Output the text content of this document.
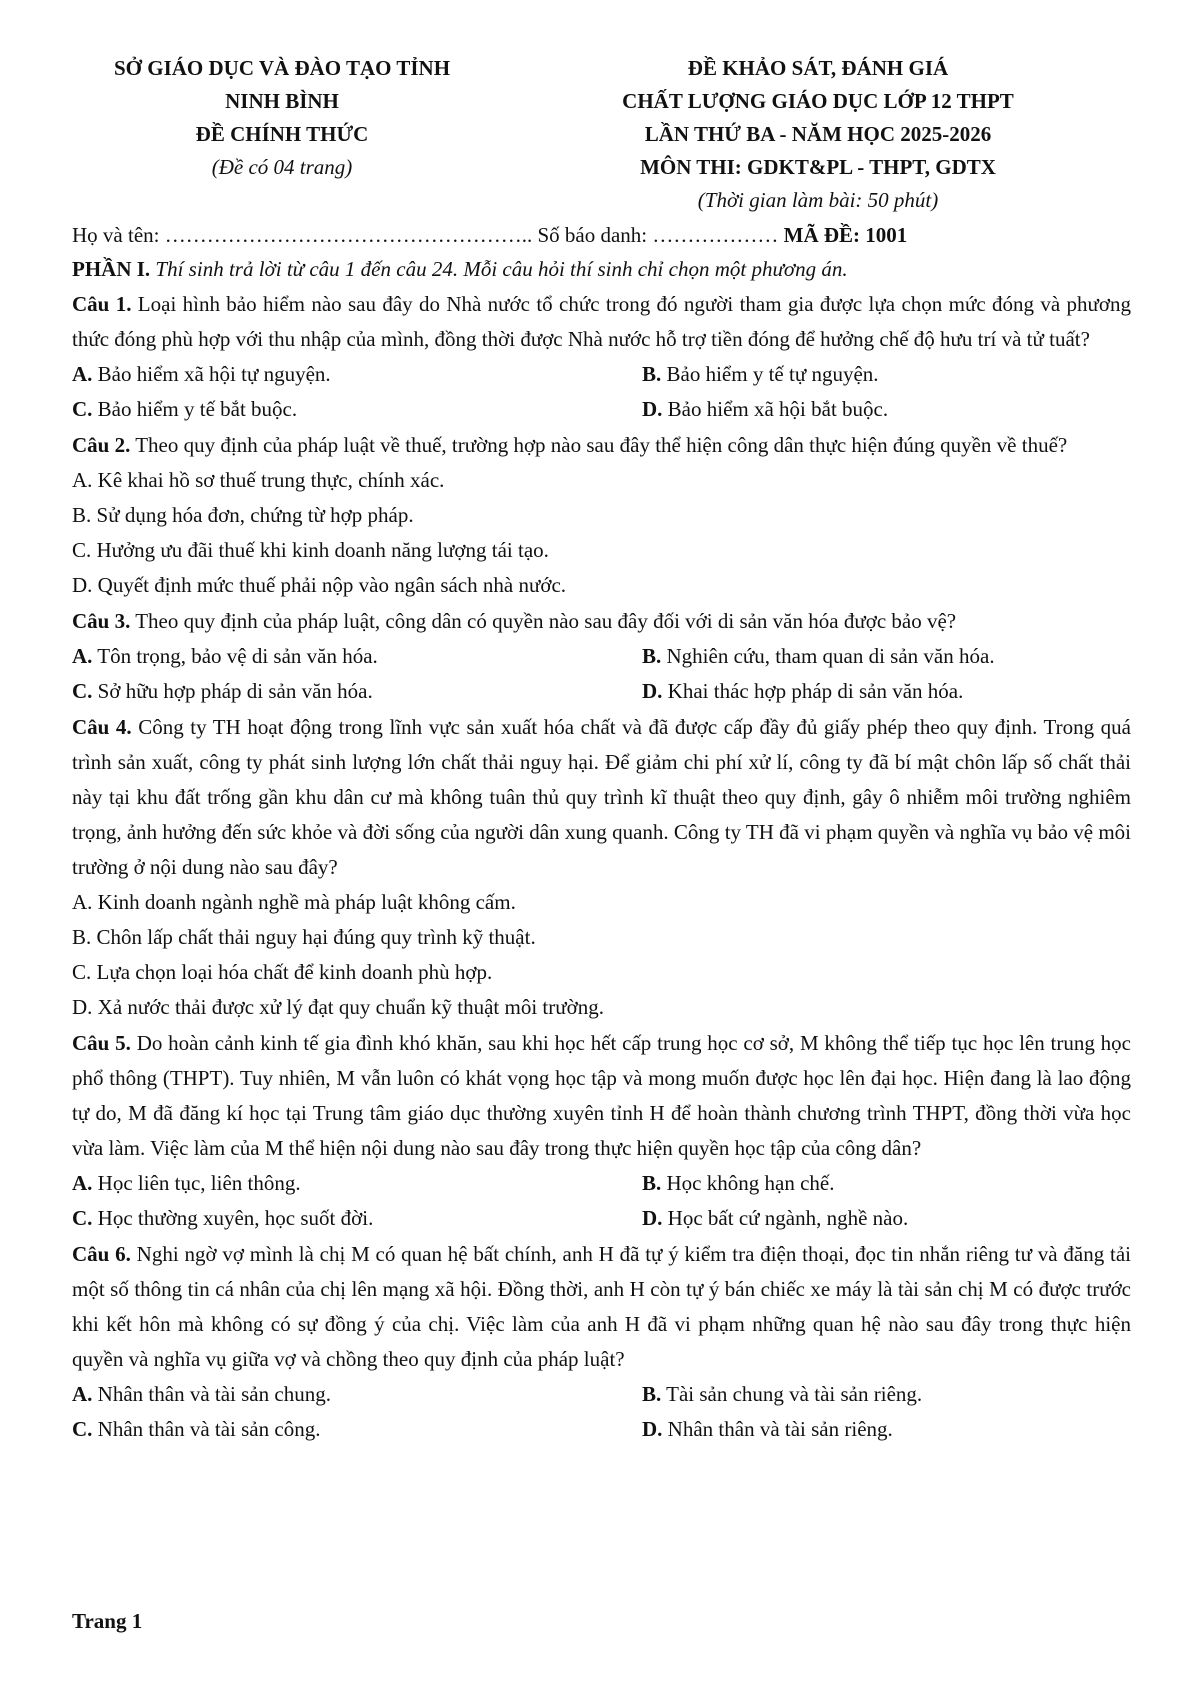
SỞ GIÁO DỤC VÀ ĐÀO TẠO TỈNH
NINH BÌNH
ĐỀ CHÍNH THỨC
(Đề có 04 trang)
ĐỀ KHẢO SÁT, ĐÁNH GIÁ
CHẤT LƯỢNG GIÁO DỤC LỚP 12 THPT
LẦN THỨ BA - NĂM HỌC 2025-2026
MÔN THI: GDKT&PL - THPT, GDTX
(Thời gian làm bài: 50 phút)
Họ và tên: …………………………………………….. Số báo danh: ……………… MÃ ĐỀ: 1001
PHẦN I. Thí sinh trả lời từ câu 1 đến câu 24. Mỗi câu hỏi thí sinh chỉ chọn một phương án.
Câu 1. Loại hình bảo hiểm nào sau đây do Nhà nước tổ chức trong đó người tham gia được lựa chọn mức đóng và phương thức đóng phù hợp với thu nhập của mình, đồng thời được Nhà nước hỗ trợ tiền đóng để hưởng chế độ hưu trí và tử tuất?
A. Bảo hiểm xã hội tự nguyện.	B. Bảo hiểm y tế tự nguyện.
C. Bảo hiểm y tế bắt buộc.	D. Bảo hiểm xã hội bắt buộc.
Câu 2. Theo quy định của pháp luật về thuế, trường hợp nào sau đây thể hiện công dân thực hiện đúng quyền về thuế?
A. Kê khai hồ sơ thuế trung thực, chính xác.
B. Sử dụng hóa đơn, chứng từ hợp pháp.
C. Hưởng ưu đãi thuế khi kinh doanh năng lượng tái tạo.
D. Quyết định mức thuế phải nộp vào ngân sách nhà nước.
Câu 3. Theo quy định của pháp luật, công dân có quyền nào sau đây đối với di sản văn hóa được bảo vệ?
A. Tôn trọng, bảo vệ di sản văn hóa.	B. Nghiên cứu, tham quan di sản văn hóa.
C. Sở hữu hợp pháp di sản văn hóa.	D. Khai thác hợp pháp di sản văn hóa.
Câu 4. Công ty TH hoạt động trong lĩnh vực sản xuất hóa chất và đã được cấp đầy đủ giấy phép theo quy định. Trong quá trình sản xuất, công ty phát sinh lượng lớn chất thải nguy hại. Để giảm chi phí xử lí, công ty đã bí mật chôn lấp số chất thải này tại khu đất trống gần khu dân cư mà không tuân thủ quy trình kĩ thuật theo quy định, gây ô nhiễm môi trường nghiêm trọng, ảnh hưởng đến sức khỏe và đời sống của người dân xung quanh. Công ty TH đã vi phạm quyền và nghĩa vụ bảo vệ môi trường ở nội dung nào sau đây?
A. Kinh doanh ngành nghề mà pháp luật không cấm.
B. Chôn lấp chất thải nguy hại đúng quy trình kỹ thuật.
C. Lựa chọn loại hóa chất để kinh doanh phù hợp.
D. Xả nước thải được xử lý đạt quy chuẩn kỹ thuật môi trường.
Câu 5. Do hoàn cảnh kinh tế gia đình khó khăn, sau khi học hết cấp trung học cơ sở, M không thể tiếp tục học lên trung học phổ thông (THPT). Tuy nhiên, M vẫn luôn có khát vọng học tập và mong muốn được học lên đại học. Hiện đang là lao động tự do, M đã đăng kí học tại Trung tâm giáo dục thường xuyên tỉnh H để hoàn thành chương trình THPT, đồng thời vừa học vừa làm. Việc làm của M thể hiện nội dung nào sau đây trong thực hiện quyền học tập của công dân?
A. Học liên tục, liên thông.	B. Học không hạn chế.
C. Học thường xuyên, học suốt đời.	D. Học bất cứ ngành, nghề nào.
Câu 6. Nghi ngờ vợ mình là chị M có quan hệ bất chính, anh H đã tự ý kiểm tra điện thoại, đọc tin nhắn riêng tư và đăng tải một số thông tin cá nhân của chị lên mạng xã hội. Đồng thời, anh H còn tự ý bán chiếc xe máy là tài sản chị M có được trước khi kết hôn mà không có sự đồng ý của chị. Việc làm của anh H đã vi phạm những quan hệ nào sau đây trong thực hiện quyền và nghĩa vụ giữa vợ và chồng theo quy định của pháp luật?
A. Nhân thân và tài sản chung.	B. Tài sản chung và tài sản riêng.
C. Nhân thân và tài sản công.	D. Nhân thân và tài sản riêng.
Trang 1
